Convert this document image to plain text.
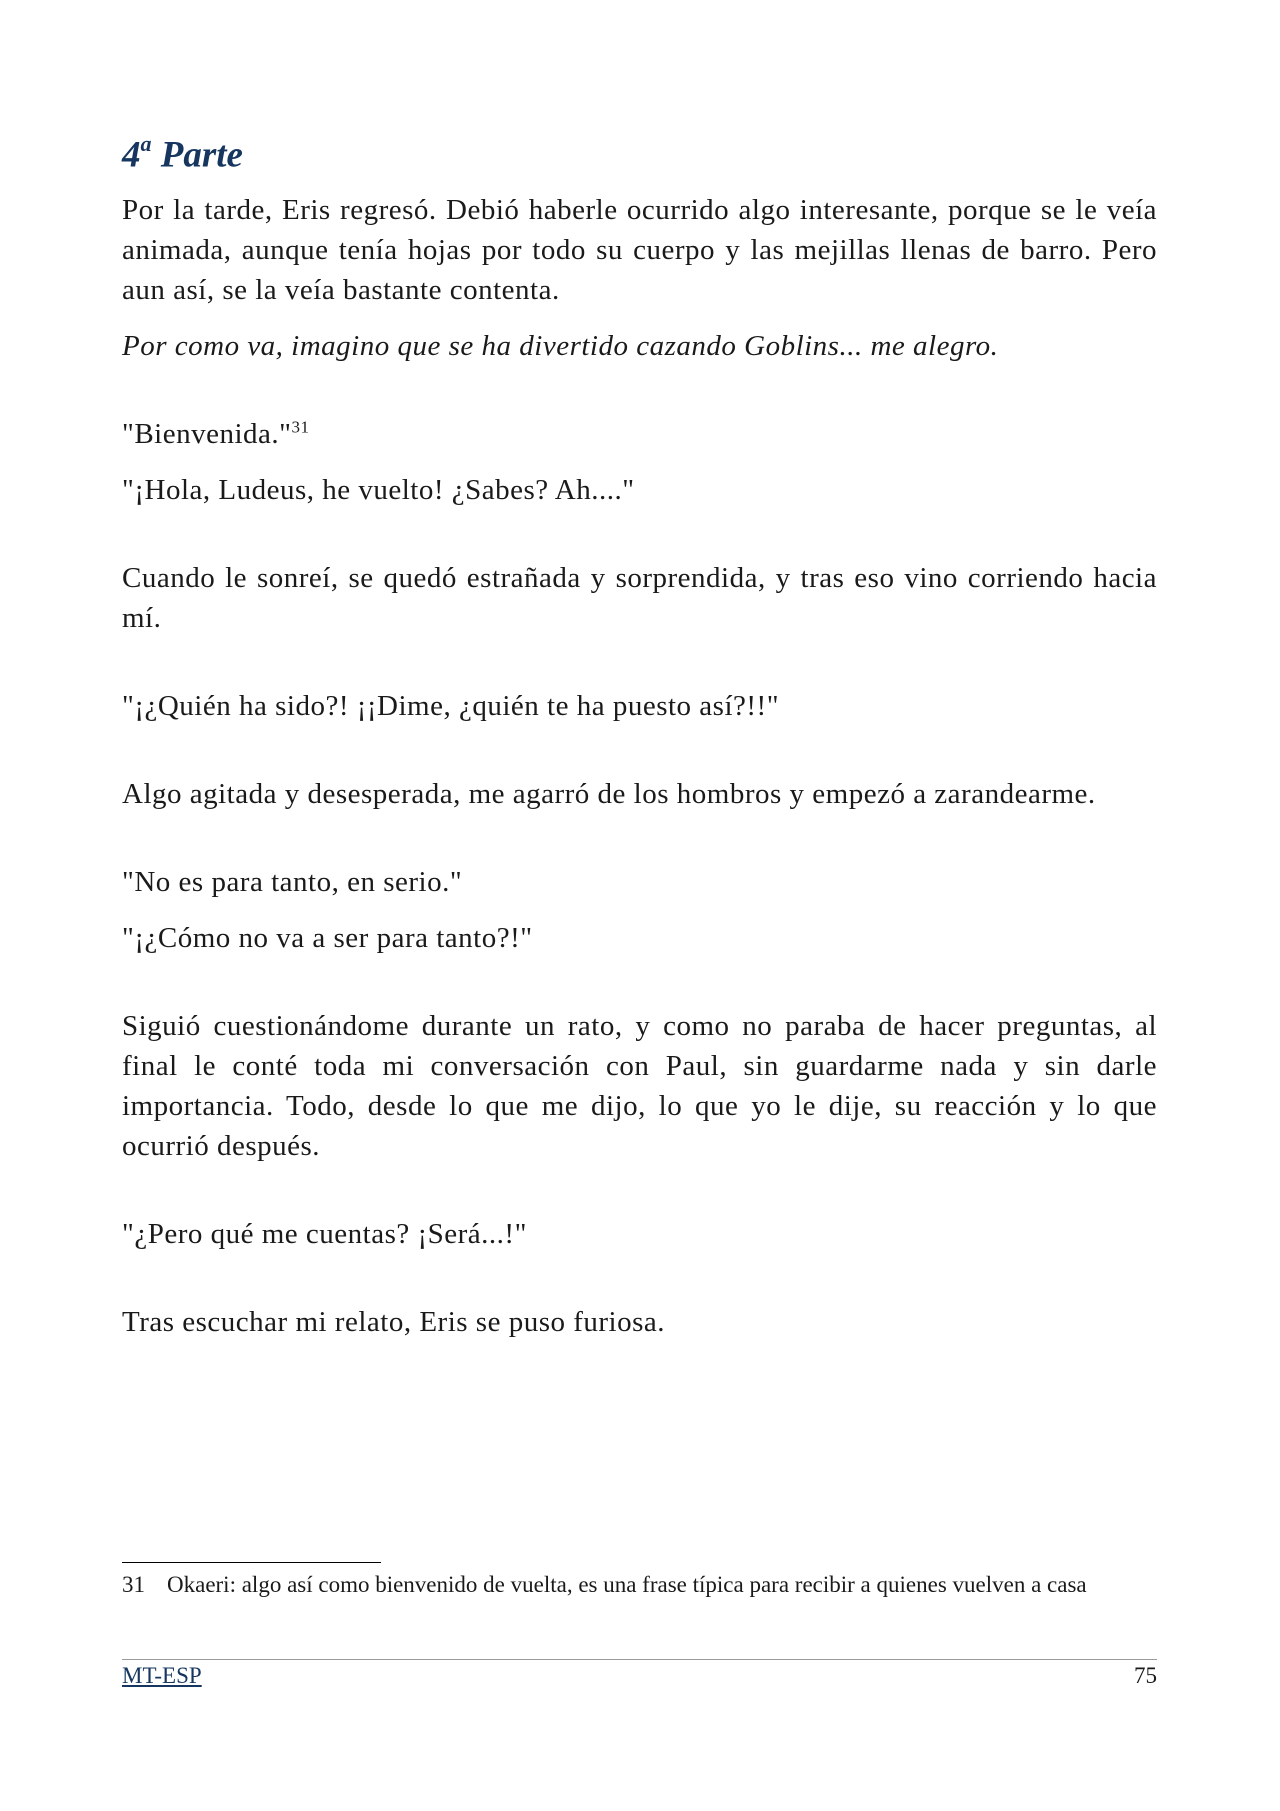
4$^a$ Parte

Por la tarde, Eris regresó. Debió haberle ocurrido algo interesante, porque se le veía animada, aunque tenía hojas por todo su cuerpo y las mejillas llenas de barro. Pero aun así, se la veía bastante contenta.

Por como va, imagino que se ha divertido cazando Goblins... me alegro.

"Bienvenida."$^{31}$

"¡Hola, Ludeus, he vuelto! ¿Sabes? Ah...."

Cuando le sonreí, se quedó estrañada y sorprendida, y tras eso vino corriendo hacia mí.

"¡¿Quién ha sido?! ¡¡Dime, ¿quién te ha puesto así?!!"

Algo agitada y desesperada, me agarró de los hombros y empezó a zarandearme.

"No es para tanto, en serio."

"¡¿Cómo no va a ser para tanto?!"

Siguió cuestionándome durante un rato, y como no paraba de hacer preguntas, al final le conté toda mi conversación con Paul, sin guardarme nada y sin darle importancia. Todo, desde lo que me dijo, lo que yo le dije, su reacción y lo que ocurrió después.

"¿Pero qué me cuentas? ¡Será...!"

Tras escuchar mi relato, Eris se puso furiosa.

31 Okaeri: algo así como bienvenido de vuelta, es una frase típica para recibir a quienes vuelven a casa
MT-ESP	75
